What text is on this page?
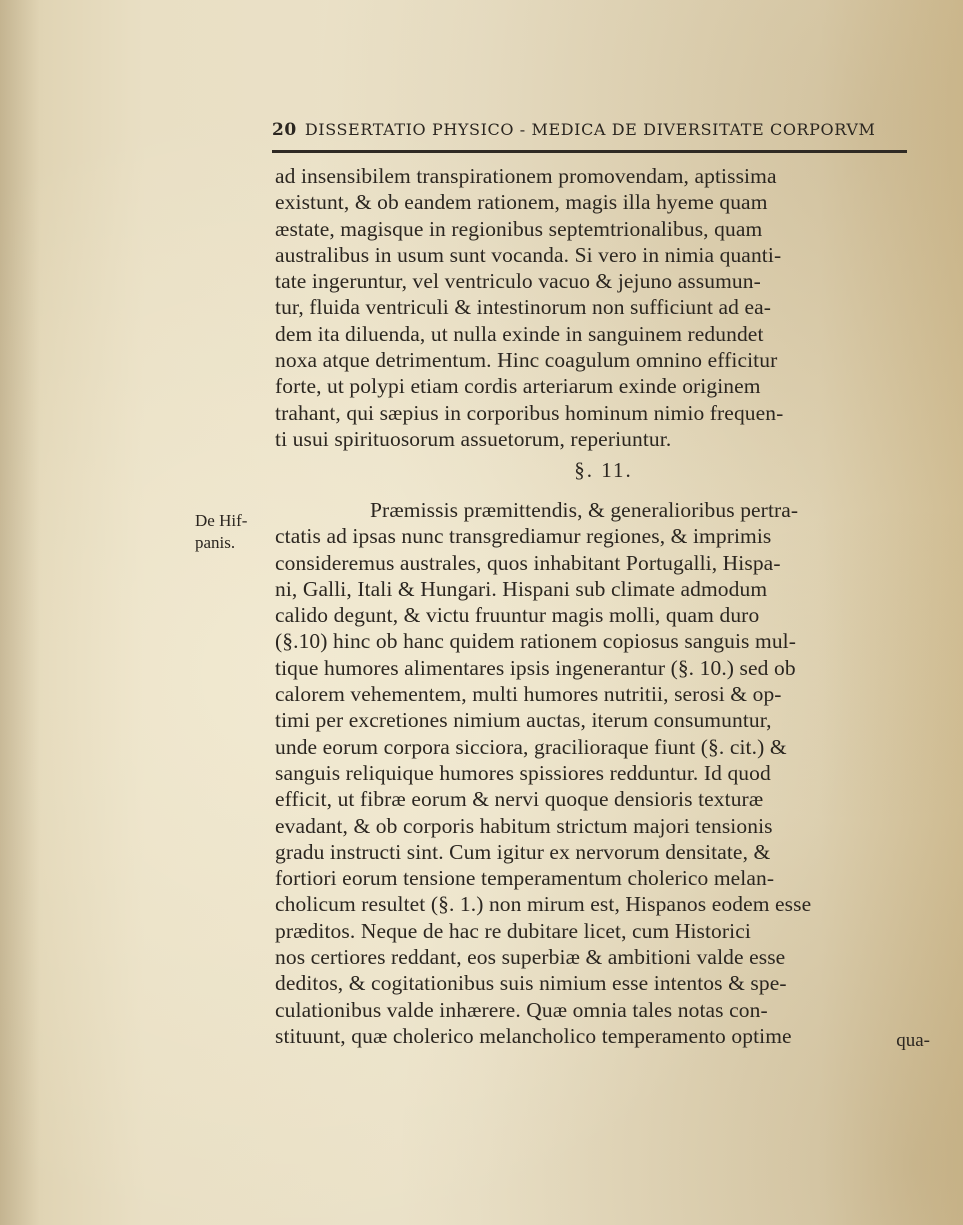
20 DISSERTATIO PHYSICO - MEDICA DE DIVERSITATE CORPORVM
ad insensibilem transpirationem promovendam, aptissima
existunt, & ob eandem rationem, magis illa hyeme quam
æstate, magisque in regionibus septemtrionalibus, quam
australibus in usum sunt vocanda. Si vero in nimia quanti-
tate ingeruntur, vel ventriculo vacuo & jejuno assumun-
tur, fluida ventriculi & intestinorum non sufficiunt ad ea-
dem ita diluenda, ut nulla exinde in sanguinem redundet
noxa atque detrimentum. Hinc coagulum omnino efficitur
forte, ut polypi etiam cordis arteriarum exinde originem
trahant, qui sæpius in corporibus hominum nimio frequen-
ti usui spirituosorum assuetorum, reperiuntur.
§. 11.
De Hif-
panis.
Præmissis præmittendis, & generalioribus pertra-
ctatis ad ipsas nunc transgrediamur regiones, & imprimis
consideremus australes, quos inhabitant Portugalli, Hispa-
ni, Galli, Itali & Hungari. Hispani sub climate admodum
calido degunt, & victu fruuntur magis molli, quam duro
(§.10) hinc ob hanc quidem rationem copiosus sanguis mul-
tique humores alimentares ipsis ingenerantur (§. 10.) sed ob
calorem vehementem, multi humores nutritii, serosi & op-
timi per excretiones nimium auctas, iterum consumuntur,
unde eorum corpora sicciora, gracilioraque fiunt (§. cit.) &
sanguis reliquique humores spissiores redduntur. Id quod
efficit, ut fibræ eorum & nervi quoque densioris texturæ
evadant, & ob corporis habitum strictum majori tensionis
gradu instructi sint. Cum igitur ex nervorum densitate, &
fortiori eorum tensione temperamentum cholerico melan-
cholicum resultet (§. 1.) non mirum est, Hispanos eodem esse
præditos. Neque de hac re dubitare licet, cum Historici
nos certiores reddant, eos superbiæ & ambitioni valde esse
deditos, & cogitationibus suis nimium esse intentos & spe-
culationibus valde inhærere. Quæ omnia tales notas con-
stituunt, quæ cholerico melancholico temperamento optime	qua-
